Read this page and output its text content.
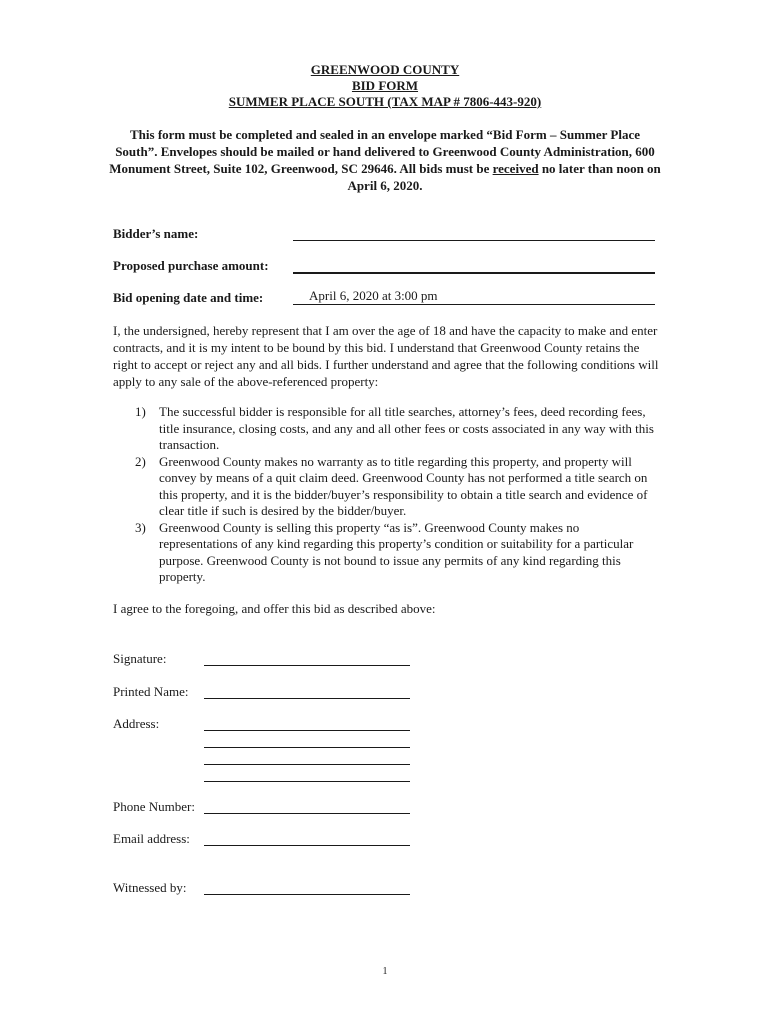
GREENWOOD COUNTY
BID FORM
SUMMER PLACE SOUTH (TAX MAP # 7806-443-920)
This form must be completed and sealed in an envelope marked “Bid Form – Summer Place South”. Envelopes should be mailed or hand delivered to Greenwood County Administration, 600 Monument Street, Suite 102, Greenwood, SC 29646. All bids must be received no later than noon on April 6, 2020.
Bidder’s name:
Proposed purchase amount:
Bid opening date and time:	April 6, 2020 at 3:00 pm
I, the undersigned, hereby represent that I am over the age of 18 and have the capacity to make and enter contracts, and it is my intent to be bound by this bid. I understand that Greenwood County retains the right to accept or reject any and all bids. I further understand and agree that the following conditions will apply to any sale of the above-referenced property:
1) The successful bidder is responsible for all title searches, attorney’s fees, deed recording fees, title insurance, closing costs, and any and all other fees or costs associated in any way with this transaction.
2) Greenwood County makes no warranty as to title regarding this property, and property will convey by means of a quit claim deed. Greenwood County has not performed a title search on this property, and it is the bidder/buyer’s responsibility to obtain a title search and evidence of clear title if such is desired by the bidder/buyer.
3) Greenwood County is selling this property “as is”. Greenwood County makes no representations of any kind regarding this property’s condition or suitability for a particular purpose. Greenwood County is not bound to issue any permits of any kind regarding this property.
I agree to the foregoing, and offer this bid as described above:
Signature:
Printed Name:
Address:
Phone Number:
Email address:
Witnessed by:
1
